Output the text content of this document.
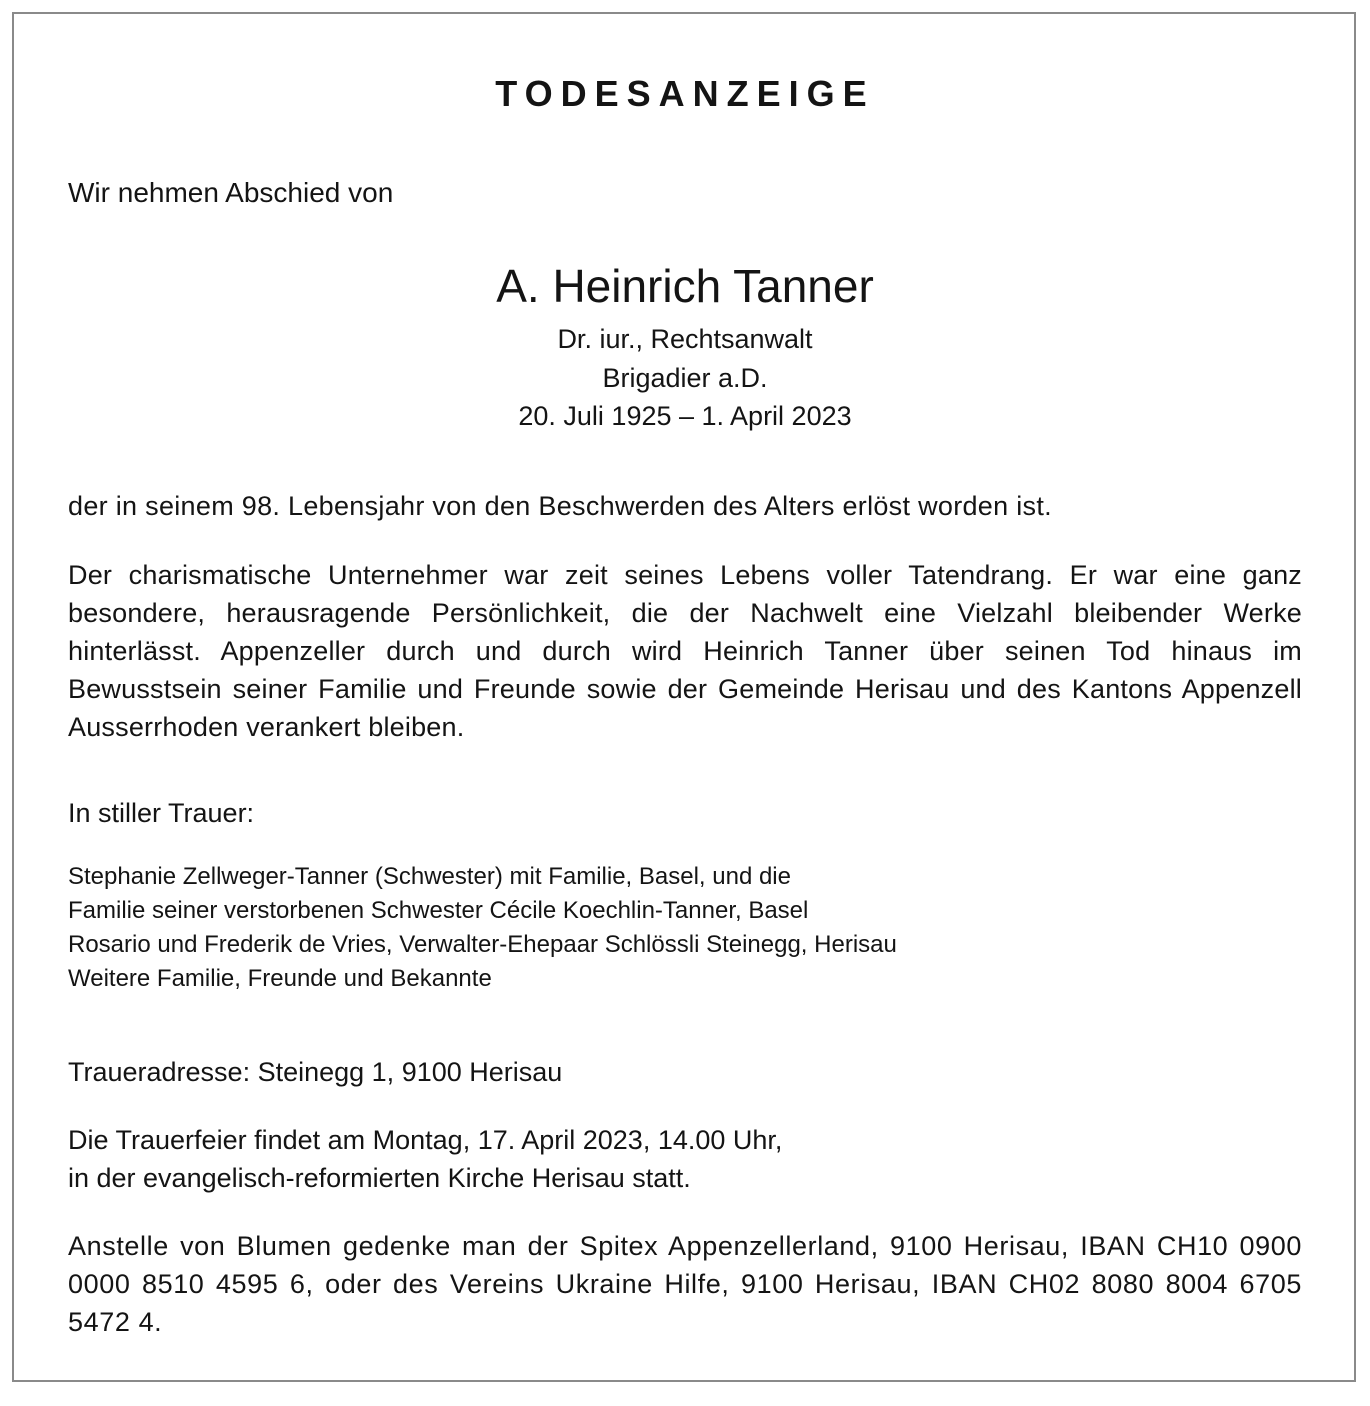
TODESANZEIGE

Wir nehmen Abschied von

A. Heinrich Tanner

Dr. iur., Rechtsanwalt

Brigadier a.D.

20. Juli 1925 – 1. April 2023

der in seinem 98. Lebensjahr von den Beschwerden des Alters erlöst worden ist.

Der charismatische Unternehmer war zeit seines Lebens voller Tatendrang. Er war eine ganz besondere, herausragende Persönlichkeit, die der Nachwelt eine Vielzahl bleibender Werke hinterlässt. Appenzeller durch und durch wird Heinrich Tanner über seinen Tod hinaus im Bewusstsein seiner Familie und Freunde sowie der Gemeinde Herisau und des Kantons Appenzell Ausserrhoden verankert bleiben.

In stiller Trauer:

Stephanie Zellweger-Tanner (Schwester) mit Familie, Basel, und die
Familie seiner verstorbenen Schwester Cécile Koechlin-Tanner, Basel
Rosario und Frederik de Vries, Verwalter-Ehepaar Schlössli Steinegg, Herisau
Weitere Familie, Freunde und Bekannte

Traueradresse: Steinegg 1, 9100 Herisau

Die Trauerfeier findet am Montag, 17. April 2023, 14.00 Uhr,
in der evangelisch-reformierten Kirche Herisau statt.

Anstelle von Blumen gedenke man der Spitex Appenzellerland, 9100 Herisau, IBAN CH10 0900 0000 8510 4595 6, oder des Vereins Ukraine Hilfe, 9100 Herisau, IBAN CH02 8080 8004 6705 5472 4.
